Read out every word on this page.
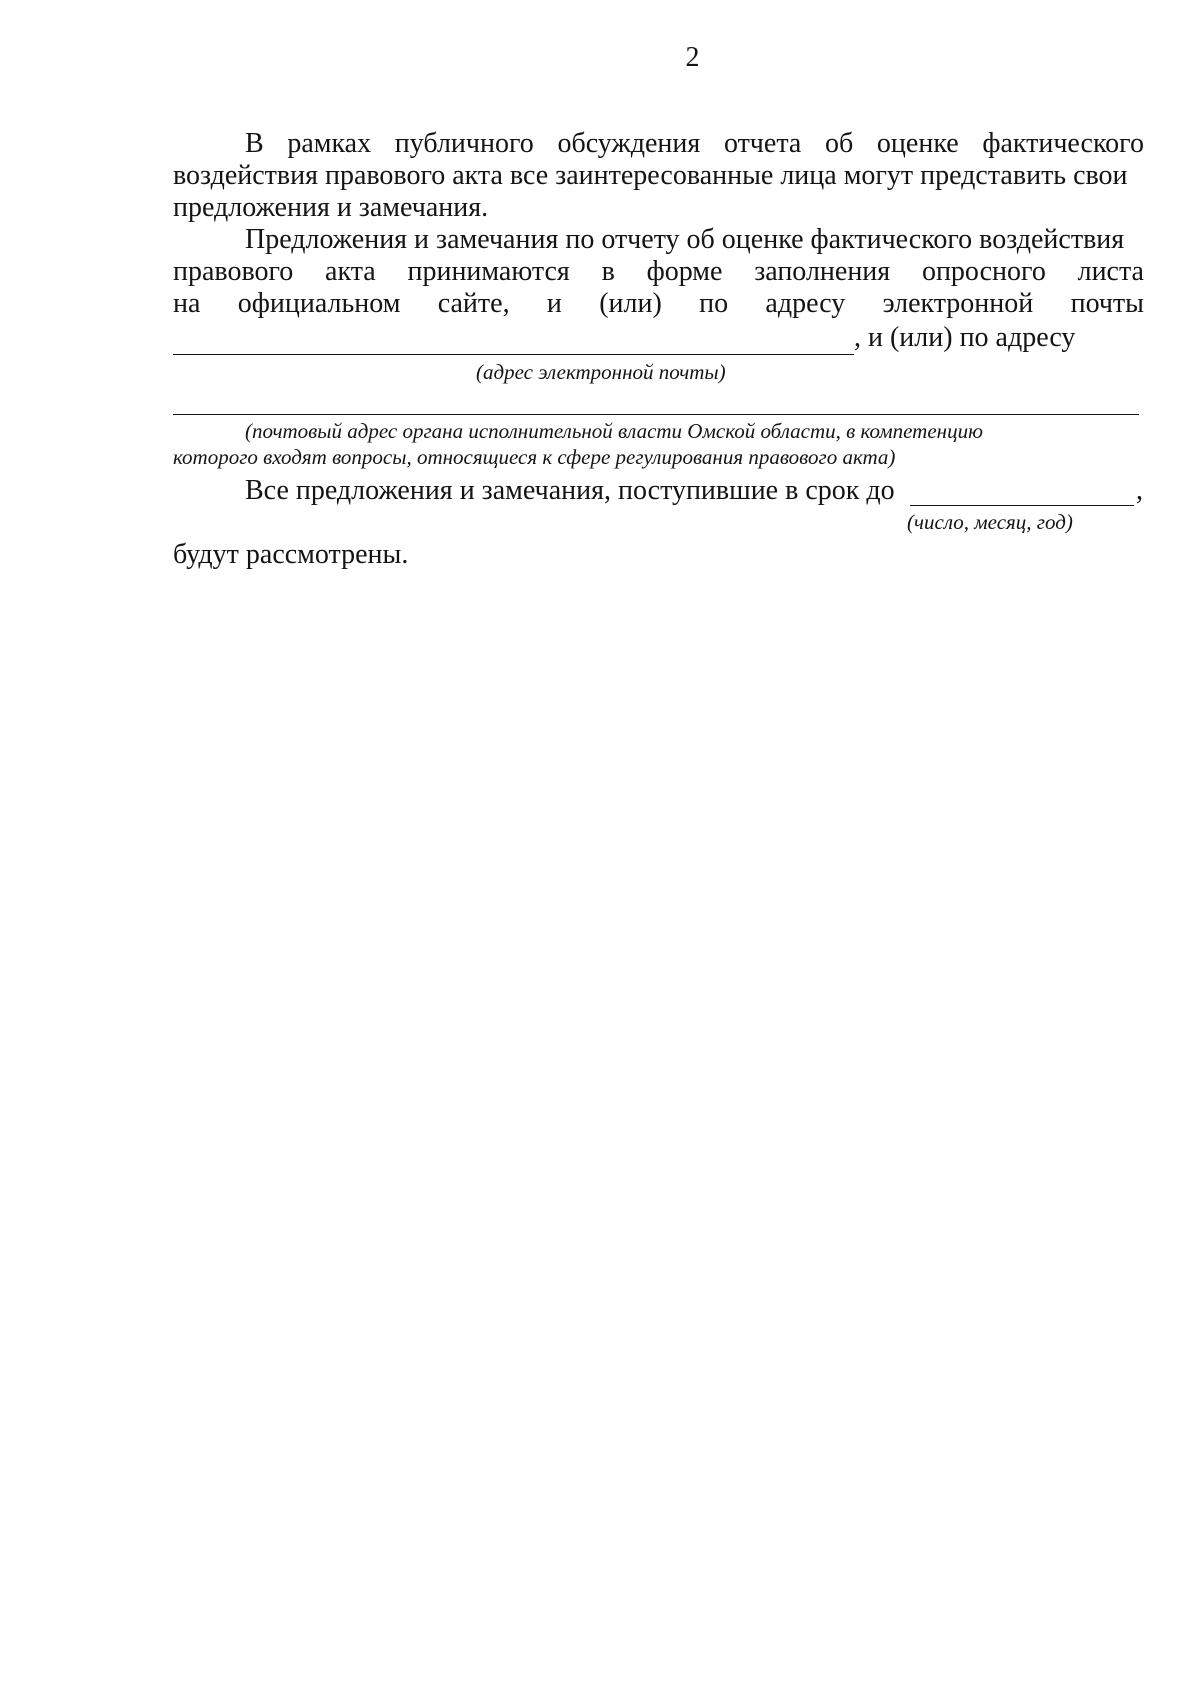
2
В рамках публичного обсуждения отчета об оценке фактического
воздействия правового акта все заинтересованные лица могут представить свои
предложения и замечания.
Предложения и замечания по отчету об оценке фактического воздействия
правового акта принимаются в форме заполнения опросного листа
на официальном сайте, и (или) по адресу электронной почты
, и (или) по адресу
(адрес электронной почты)
(почтовый адрес органа исполнительной власти Омской области, в компетенцию
которого входят вопросы, относящиеся к сфере регулирования правового акта)
Все предложения и замечания, поступившие в срок до	,
(число, месяц, год)
будут рассмотрены.
